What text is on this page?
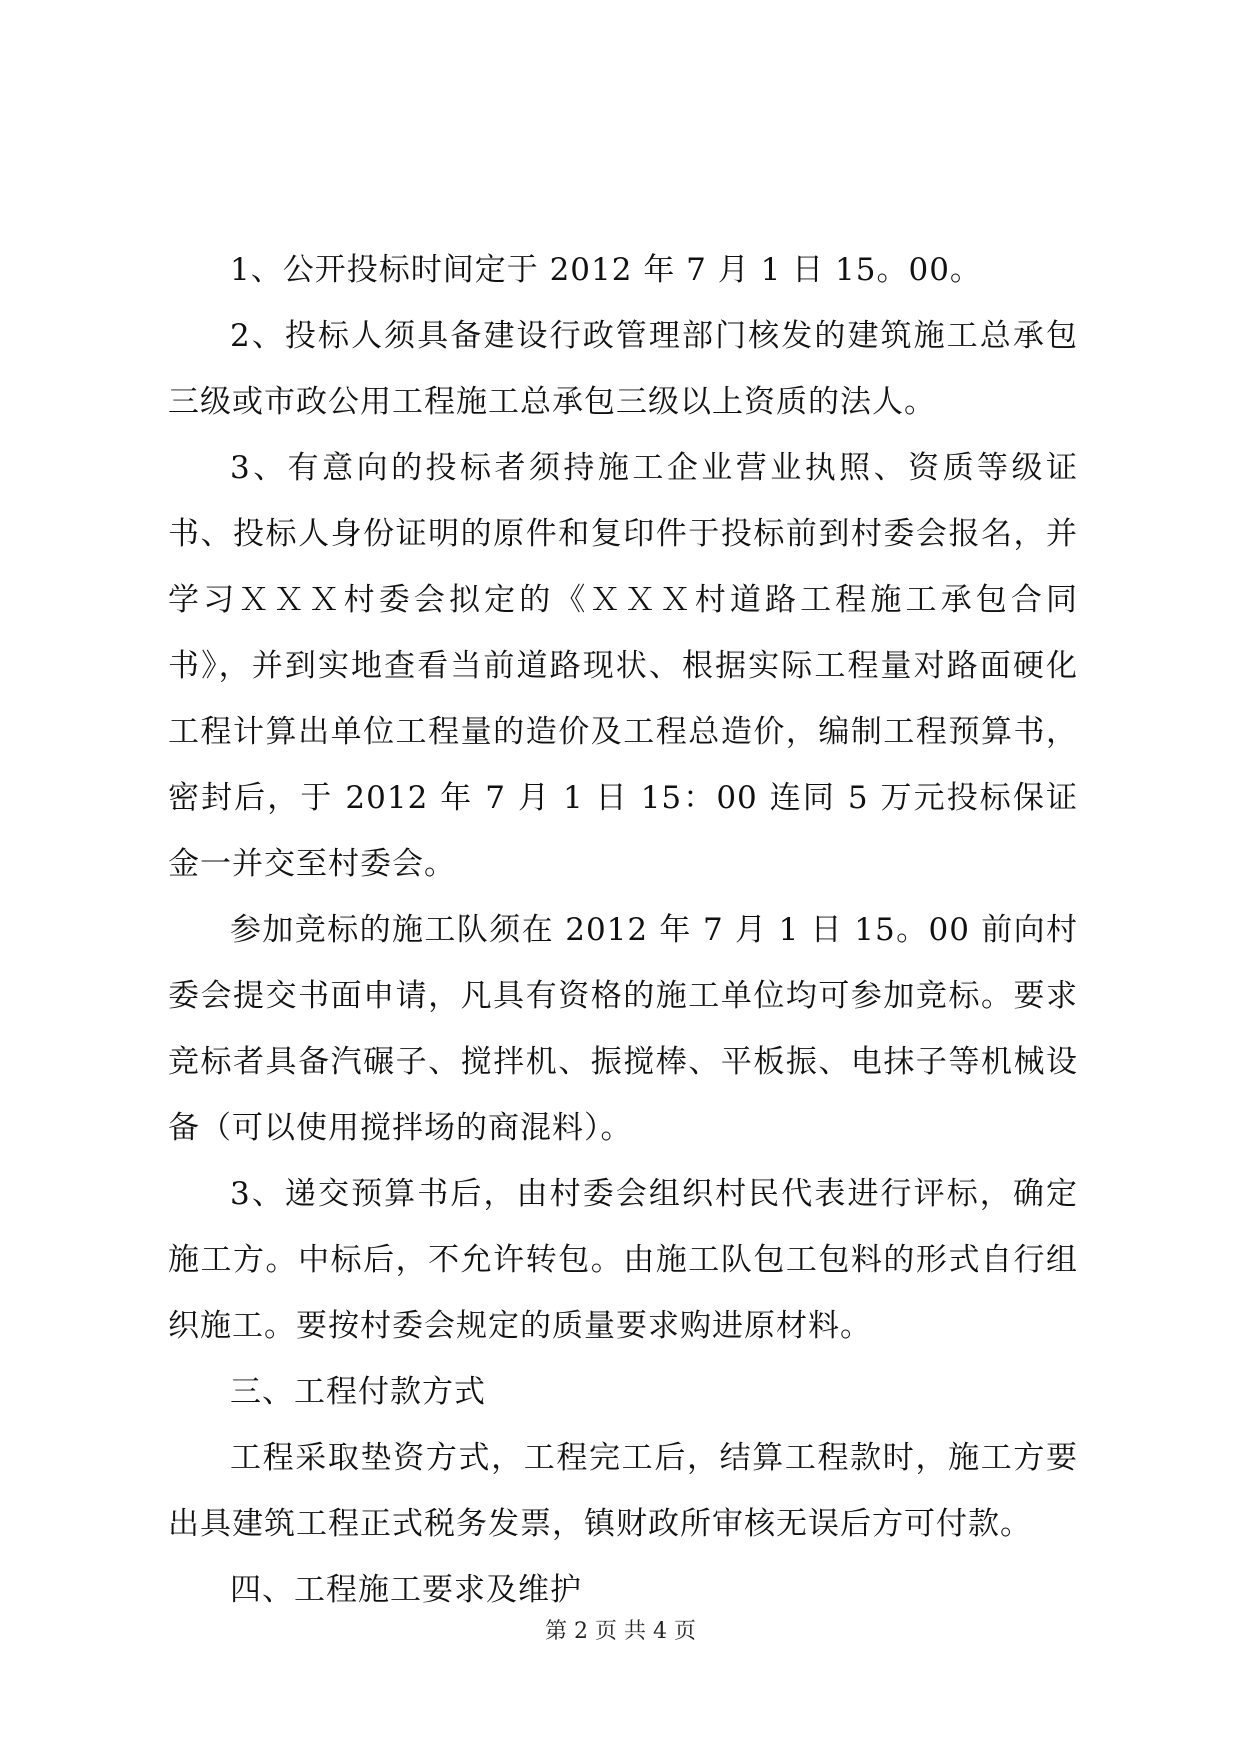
1、公开投标时间定于 2012 年 7 月 1 日 15。00。

2、投标人须具备建设行政管理部门核发的建筑施工总承包三级或市政公用工程施工总承包三级以上资质的法人。

3、有意向的投标者须持施工企业营业执照、资质等级证书、投标人身份证明的原件和复印件于投标前到村委会报名，并学习ＸＸＸ村委会拟定的《ＸＸＸ村道路工程施工承包合同书》，并到实地查看当前道路现状、根据实际工程量对路面硬化工程计算出单位工程量的造价及工程总造价，编制工程预算书，密封后，于 2012 年 7 月 1 日 15：00 连同 5 万元投标保证金一并交至村委会。

参加竞标的施工队须在 2012 年 7 月 1 日 15。00 前向村委会提交书面申请，凡具有资格的施工单位均可参加竞标。要求竞标者具备汽碾子、搅拌机、振搅棒、平板振、电抹子等机械设备（可以使用搅拌场的商混料）。

3、递交预算书后，由村委会组织村民代表进行评标，确定施工方。中标后，不允许转包。由施工队包工包料的形式自行组织施工。要按村委会规定的质量要求购进原材料。

三、工程付款方式

工程采取垫资方式，工程完工后，结算工程款时，施工方要出具建筑工程正式税务发票，镇财政所审核无误后方可付款。

四、工程施工要求及维护

第 2 页 共 4 页
